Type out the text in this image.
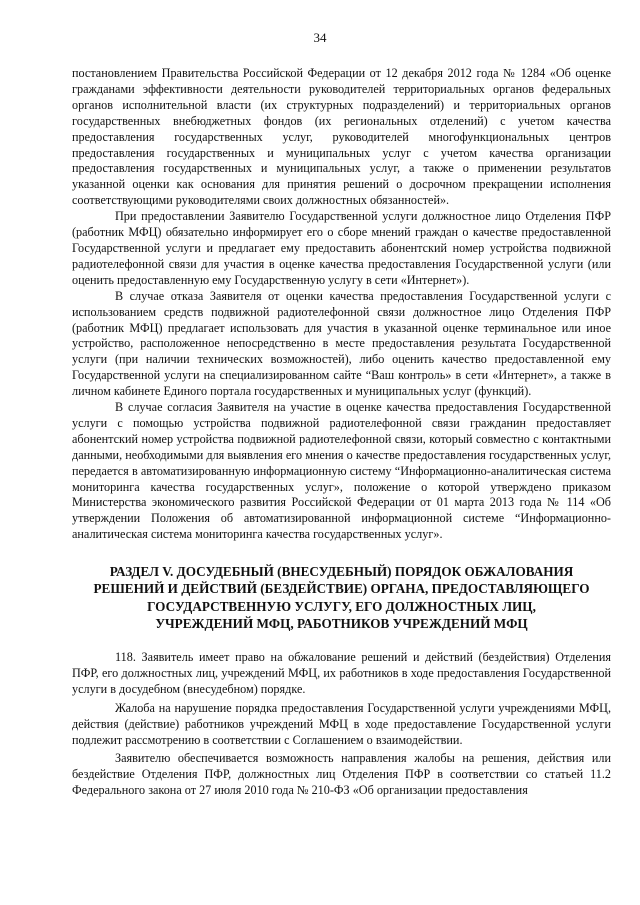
34

постановлением Правительства Российской Федерации от 12 декабря 2012 года № 1284 «Об оценке гражданами эффективности деятельности руководителей территориальных органов федеральных органов исполнительной власти (их структурных подразделений) и территориальных органов государственных внебюджетных фондов (их региональных отделений) с учетом качества предоставления государственных услуг, руководителей многофункциональных центров предоставления государственных и муниципальных услуг с учетом качества организации предоставления государственных и муниципальных услуг, а также о применении результатов указанной оценки как основания для принятия решений о досрочном прекращении исполнения соответствующими руководителями своих должностных обязанностей».

При предоставлении Заявителю Государственной услуги должностное лицо Отделения ПФР (работник МФЦ) обязательно информирует его о сборе мнений граждан о качестве предоставленной Государственной услуги и предлагает ему предоставить абонентский номер устройства подвижной радиотелефонной связи для участия в оценке качества предоставления Государственной услуги (или оценить предоставленную ему Государственную услугу в сети «Интернет»).

В случае отказа Заявителя от оценки качества предоставления Государственной услуги с использованием средств подвижной радиотелефонной связи должностное лицо Отделения ПФР (работник МФЦ) предлагает использовать для участия в указанной оценке терминальное или иное устройство, расположенное непосредственно в месте предоставления результата Государственной услуги (при наличии технических возможностей), либо оценить качество предоставленной ему Государственной услуги на специализированном сайте “Ваш контроль» в сети «Интернет», а также в личном кабинете Единого портала государственных и муниципальных услуг (функций).

В случае согласия Заявителя на участие в оценке качества предоставления Государственной услуги с помощью устройства подвижной радиотелефонной связи гражданин предоставляет абонентский номер устройства подвижной радиотелефонной связи, который совместно с контактными данными, необходимыми для выявления его мнения о качестве предоставления государственных услуг, передается в автоматизированную информационную систему “Информационно-аналитическая система мониторинга качества государственных услуг», положение о которой утверждено приказом Министерства экономического развития Российской Федерации от 01 марта 2013 года № 114 «Об утверждении Положения об автоматизированной информационной системе “Информационно-аналитическая система мониторинга качества государственных услуг».

РАЗДЕЛ V. ДОСУДЕБНЫЙ (ВНЕСУДЕБНЫЙ) ПОРЯДОК ОБЖАЛОВАНИЯ
РЕШЕНИЙ И ДЕЙСТВИЙ (БЕЗДЕЙСТВИЕ) ОРГАНА, ПРЕДОСТАВЛЯЮЩЕГО
ГОСУДАРСТВЕННУЮ УСЛУГУ, ЕГО ДОЛЖНОСТНЫХ ЛИЦ,
УЧРЕЖДЕНИЙ МФЦ, РАБОТНИКОВ УЧРЕЖДЕНИЙ МФЦ

118. Заявитель имеет право на обжалование решений и действий (бездействия) Отделения ПФР, его должностных лиц, учреждений МФЦ, их работников в ходе предоставления Государственной услуги в досудебном (внесудебном) порядке.

Жалоба на нарушение порядка предоставления Государственной услуги учреждениями МФЦ, действия (действие) работников учреждений МФЦ в ходе предоставление Государственной услуги подлежит рассмотрению в соответствии с Соглашением о взаимодействии.

Заявителю обеспечивается возможность направления жалобы на решения, действия или бездействие Отделения ПФР, должностных лиц Отделения ПФР в соответствии со статьей 11.2 Федерального закона от 27 июля 2010 года № 210-ФЗ «Об организации предоставления
